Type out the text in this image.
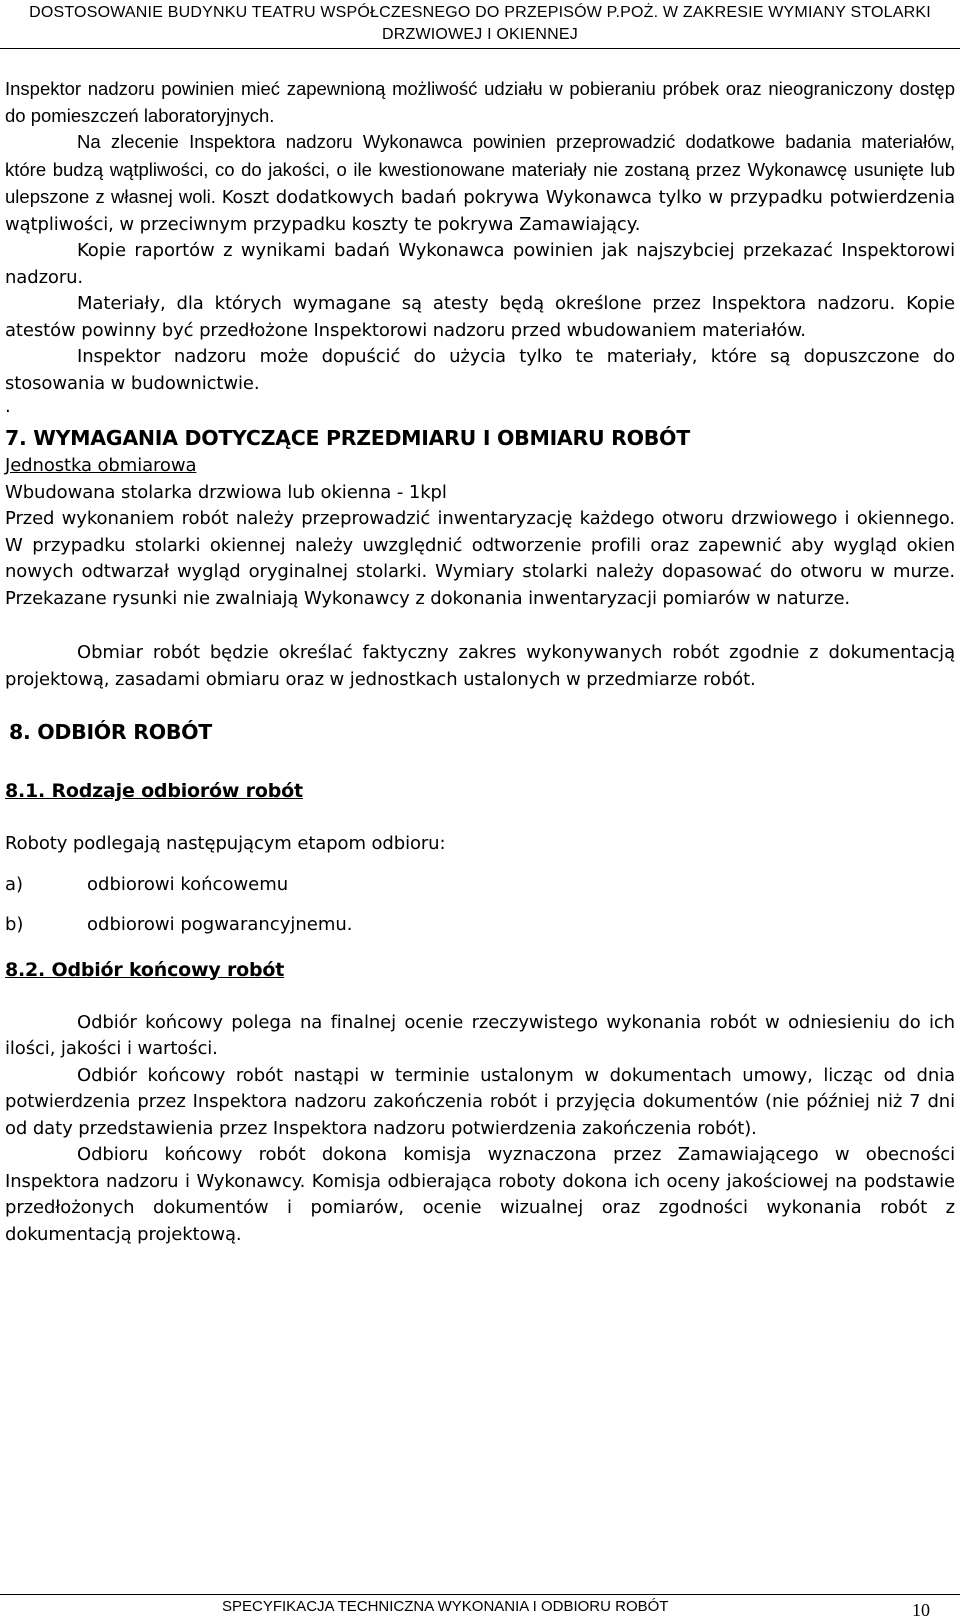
DOSTOSOWANIE BUDYNKU TEATRU WSPÓŁCZESNEGO DO PRZEPISÓW P.POŻ. W ZAKRESIE WYMIANY STOLARKI
DRZWIOWEJ I OKIENNEJ

Inspektor nadzoru powinien mieć zapewnioną możliwość udziału w pobieraniu próbek oraz nieograniczony dostęp do pomieszczeń laboratoryjnych.

Na zlecenie Inspektora nadzoru Wykonawca powinien przeprowadzić dodatkowe badania materiałów, które budzą wątpliwości, co do jakości, o ile kwestionowane materiały nie zostaną przez Wykonawcę usunięte lub ulepszone z własnej woli. Koszt dodatkowych badań pokrywa Wykonawca tylko w przypadku potwierdzenia wątpliwości, w przeciwnym przypadku koszty te pokrywa Zamawiający.

Kopie raportów z wynikami badań Wykonawca powinien jak najszybciej przekazać Inspektorowi nadzoru.

Materiały, dla których wymagane są atesty będą określone przez Inspektora nadzoru. Kopie atestów powinny być przedłożone Inspektorowi nadzoru przed wbudowaniem materiałów.

Inspektor nadzoru może dopuścić do użycia tylko te materiały, które są dopuszczone do stosowania w budownictwie.

.

7. WYMAGANIA DOTYCZĄCE PRZEDMIARU I OBMIARU ROBÓT

Jednostka obmiarowa

Wbudowana stolarka drzwiowa lub okienna - 1kpl

Przed wykonaniem robót należy przeprowadzić inwentaryzację każdego otworu drzwiowego i okiennego. W przypadku stolarki okiennej należy uwzględnić odtworzenie profili oraz zapewnić aby wygląd okien nowych odtwarzał wygląd oryginalnej stolarki. Wymiary stolarki należy dopasować do otworu w murze. Przekazane rysunki nie zwalniają Wykonawcy z dokonania inwentaryzacji pomiarów w naturze.

Obmiar robót będzie określać faktyczny zakres wykonywanych robót zgodnie z dokumentacją projektową, zasadami obmiaru oraz w jednostkach ustalonych w przedmiarze robót.

8. ODBIÓR ROBÓT
8.1. Rodzaje odbiorów robót

Roboty podlegają następującym etapom odbioru:

a)	odbiorowi końcowemu
b)	odbiorowi pogwarancyjnemu.
8.2. Odbiór końcowy robót

Odbiór końcowy polega na finalnej ocenie rzeczywistego wykonania robót w odniesieniu do ich ilości, jakości i wartości.

Odbiór końcowy robót nastąpi w terminie ustalonym w dokumentach umowy, licząc od dnia potwierdzenia przez Inspektora nadzoru zakończenia robót i przyjęcia dokumentów (nie później niż 7 dni od daty przedstawienia przez Inspektora nadzoru potwierdzenia zakończenia robót).

Odbioru końcowy robót dokona komisja wyznaczona przez Zamawiającego w obecności Inspektora nadzoru i Wykonawcy. Komisja odbierająca roboty dokona ich oceny jakościowej na podstawie przedłożonych dokumentów i pomiarów, ocenie wizualnej oraz zgodności wykonania robót z dokumentacją projektową.

SPECYFIKACJA TECHNICZNA WYKONANIA I ODBIORU ROBÓT	10
